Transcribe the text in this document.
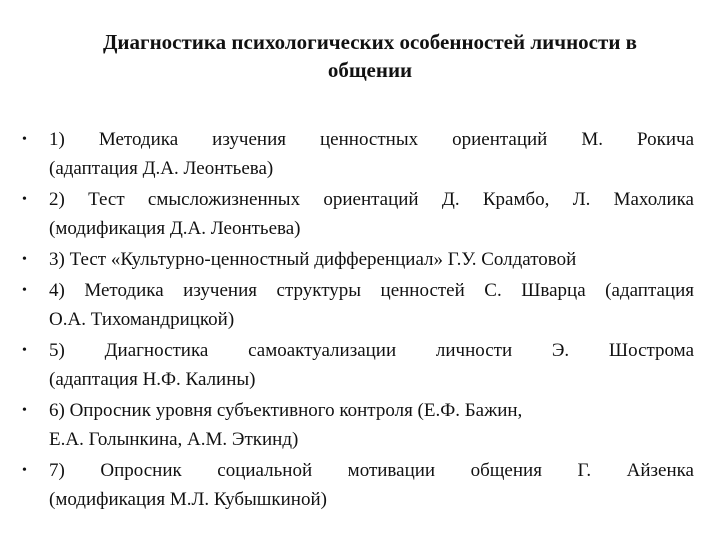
Диагностика психологических особенностей личности в
общении
• 1) Методика изучения ценностных ориентаций М. Рокича
(адаптация Д.А. Леонтьева)
• 2) Тест смысложизненных ориентаций Д. Крамбо, Л. Махолика
(модификация Д.А. Леонтьева)
• 3) Тест «Культурно-ценностный дифференциал» Г.У. Солдатовой
• 4) Методика изучения структуры ценностей С. Шварца (адаптация
О.А. Тихомандрицкой)
• 5) Диагностика самоактуализации личности Э. Шострома
(адаптация Н.Ф. Калины)
• 6) Опросник уровня субъективного контроля (Е.Ф. Бажин,
Е.А. Голынкина, А.М. Эткинд)
• 7) Опросник социальной мотивации общения Г. Айзенка
(модификация М.Л. Кубышкиной)
